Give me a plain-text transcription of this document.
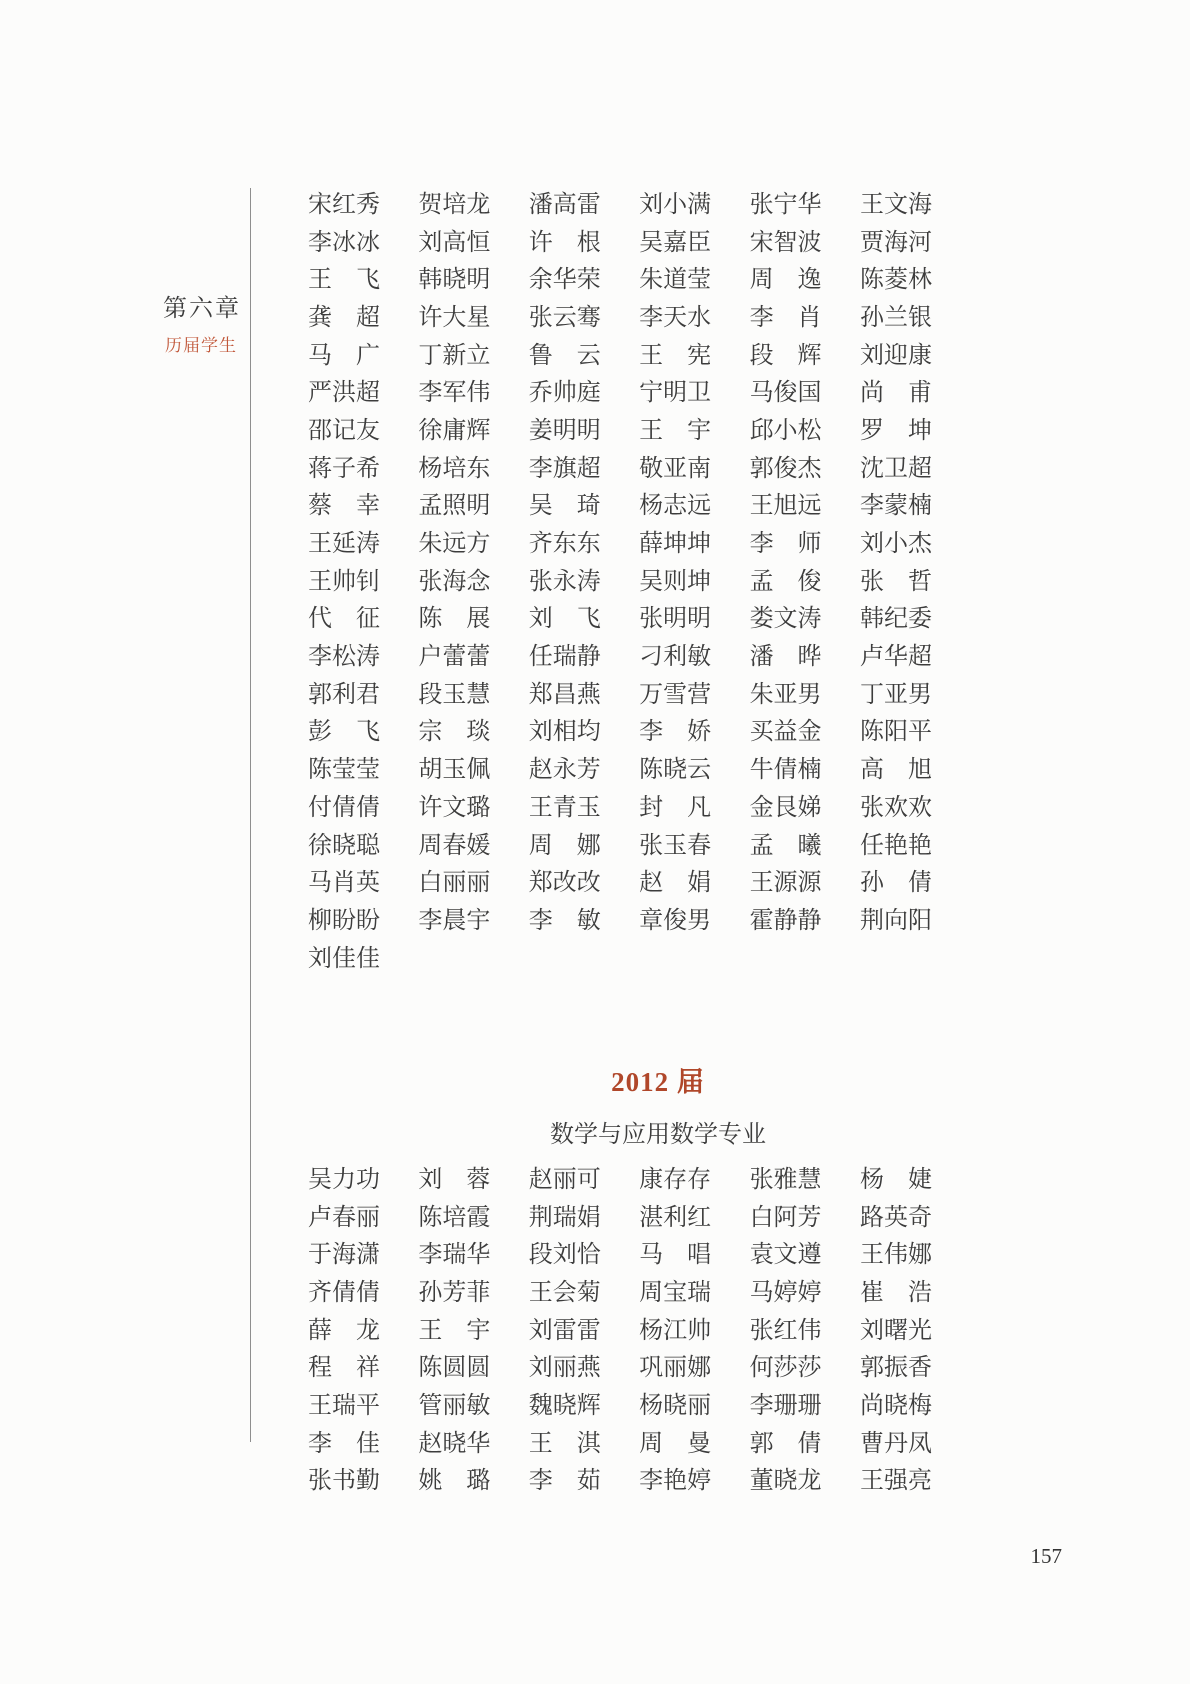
第六章
历届学生
宋红秀 贺培龙 潘高雷 刘小满 张宁华 王文海
李冰冰 刘高恒 许根 吴嘉臣 宋智波 贾海河
王飞 韩晓明 余华荣 朱道莹 周逸 陈菱林
龚超 许大星 张云骞 李天水 李肖 孙兰银
马广 丁新立 鲁云 王宪 段辉 刘迎康
严洪超 李军伟 乔帅庭 宁明卫 马俊国 尚甫
邵记友 徐庸辉 姜明明 王宇 邱小松 罗坤
蒋子希 杨培东 李旗超 敬亚南 郭俊杰 沈卫超
蔡幸 孟照明 吴琦 杨志远 王旭远 李蒙楠
王延涛 朱远方 齐东东 薛坤坤 李师 刘小杰
王帅钊 张海念 张永涛 吴则坤 孟俊 张哲
代征 陈展 刘飞 张明明 娄文涛 韩纪委
李松涛 户蕾蕾 任瑞静 刁利敏 潘晔 卢华超
郭利君 段玉慧 郑昌燕 万雪营 朱亚男 丁亚男
彭飞 宗琰 刘相均 李娇 买益金 陈阳平
陈莹莹 胡玉佩 赵永芳 陈晓云 牛倩楠 高旭
付倩倩 许文璐 王青玉 封凡 金艮娣 张欢欢
徐晓聪 周春媛 周娜 张玉春 孟曦 任艳艳
马肖英 白丽丽 郑改改 赵娟 王源源 孙倩
柳盼盼 李晨宇 李敏 章俊男 霍静静 荆向阳
刘佳佳
2012 届
数学与应用数学专业
吴力功 刘蓉 赵丽可 康存存 张雅慧 杨婕
卢春丽 陈培霞 荆瑞娟 湛利红 白阿芳 路英奇
于海潇 李瑞华 段刘恰 马唱 袁文遵 王伟娜
齐倩倩 孙芳菲 王会菊 周宝瑞 马婷婷 崔浩
薛龙 王宇 刘雷雷 杨江帅 张红伟 刘曙光
程祥 陈圆圆 刘丽燕 巩丽娜 何莎莎 郭振香
王瑞平 管丽敏 魏晓辉 杨晓丽 李珊珊 尚晓梅
李佳 赵晓华 王淇 周曼 郭倩 曹丹凤
张书勤 姚璐 李茹 李艳婷 董晓龙 王强亮
157
